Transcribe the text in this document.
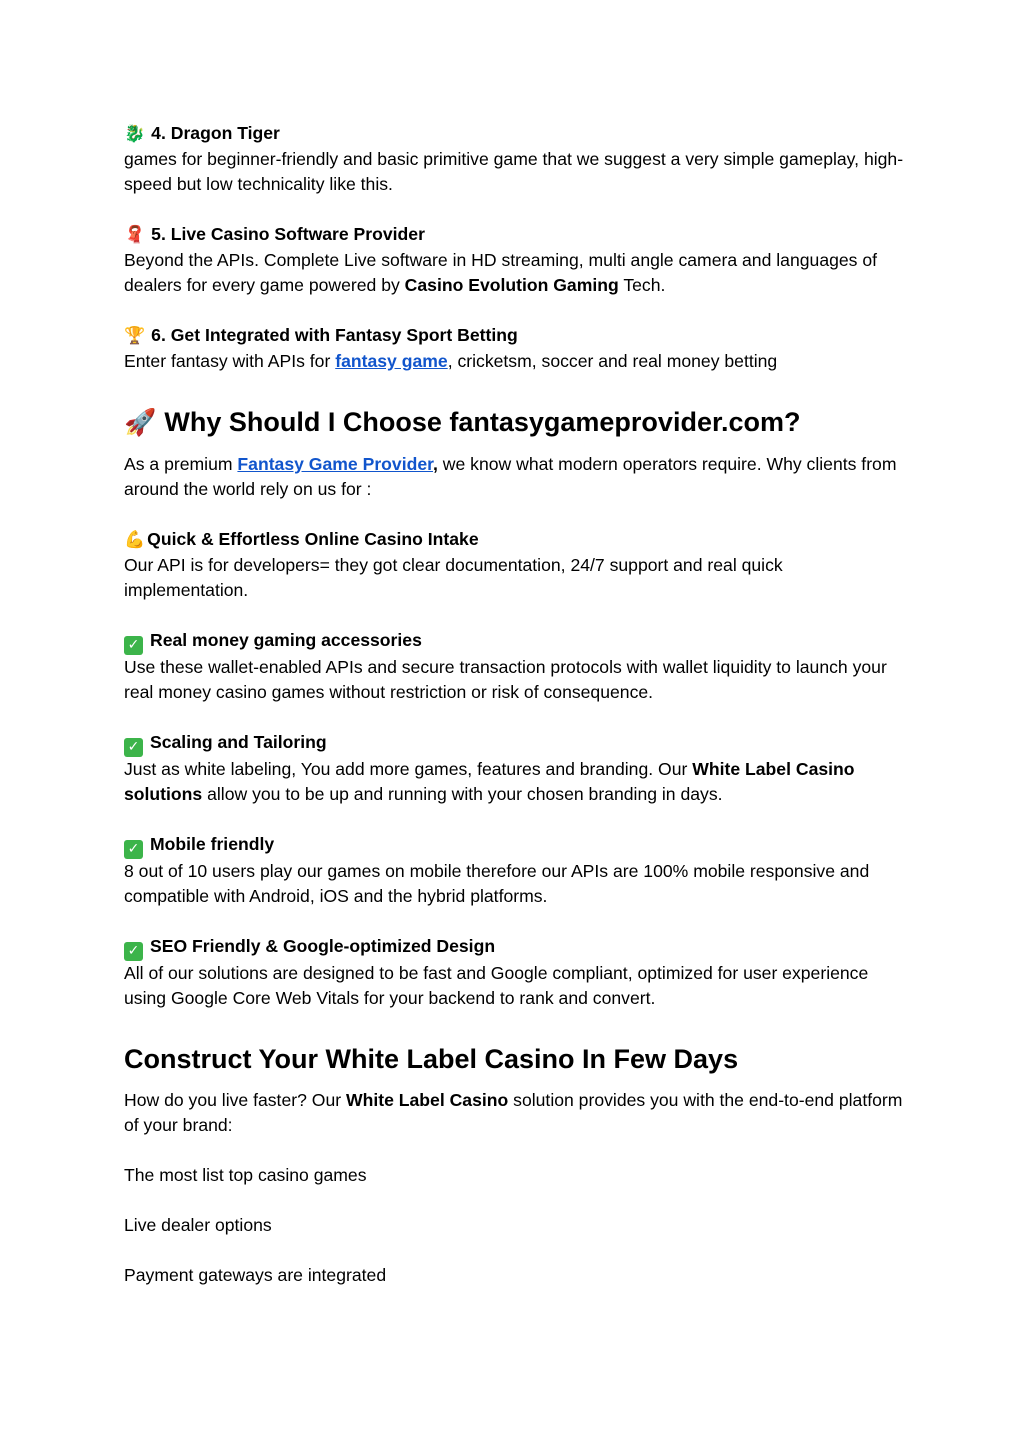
🐉 4. Dragon Tiger
games for beginner-friendly and basic primitive game that we suggest a very simple gameplay, high-speed but low technicality like this.
🧣 5. Live Casino Software Provider
Beyond the APIs. Complete Live software in HD streaming, multi angle camera and languages of dealers for every game powered by Casino Evolution Gaming Tech.
🏆 6. Get Integrated with Fantasy Sport Betting
Enter fantasy with APIs for fantasy game, cricketsm, soccer and real money betting
🚀 Why Should I Choose fantasygameprovider.com?
As a premium Fantasy Game Provider, we know what modern operators require. Why clients from around the world rely on us for :
💪 Quick & Effortless Online Casino Intake
Our API is for developers= they got clear documentation, 24/7 support and real quick implementation.
✓ Real money gaming accessories
Use these wallet-enabled APIs and secure transaction protocols with wallet liquidity to launch your real money casino games without restriction or risk of consequence.
✓ Scaling and Tailoring
Just as white labeling, You add more games, features and branding. Our White Label Casino solutions allow you to be up and running with your chosen branding in days.
✓ Mobile friendly
8 out of 10 users play our games on mobile therefore our APIs are 100% mobile responsive and compatible with Android, iOS and the hybrid platforms.
✓ SEO Friendly & Google-optimized Design
All of our solutions are designed to be fast and Google compliant, optimized for user experience using Google Core Web Vitals for your backend to rank and convert.
Construct Your White Label Casino In Few Days
How do you live faster? Our White Label Casino solution provides you with the end-to-end platform of your brand:
The most list top casino games
Live dealer options
Payment gateways are integrated
